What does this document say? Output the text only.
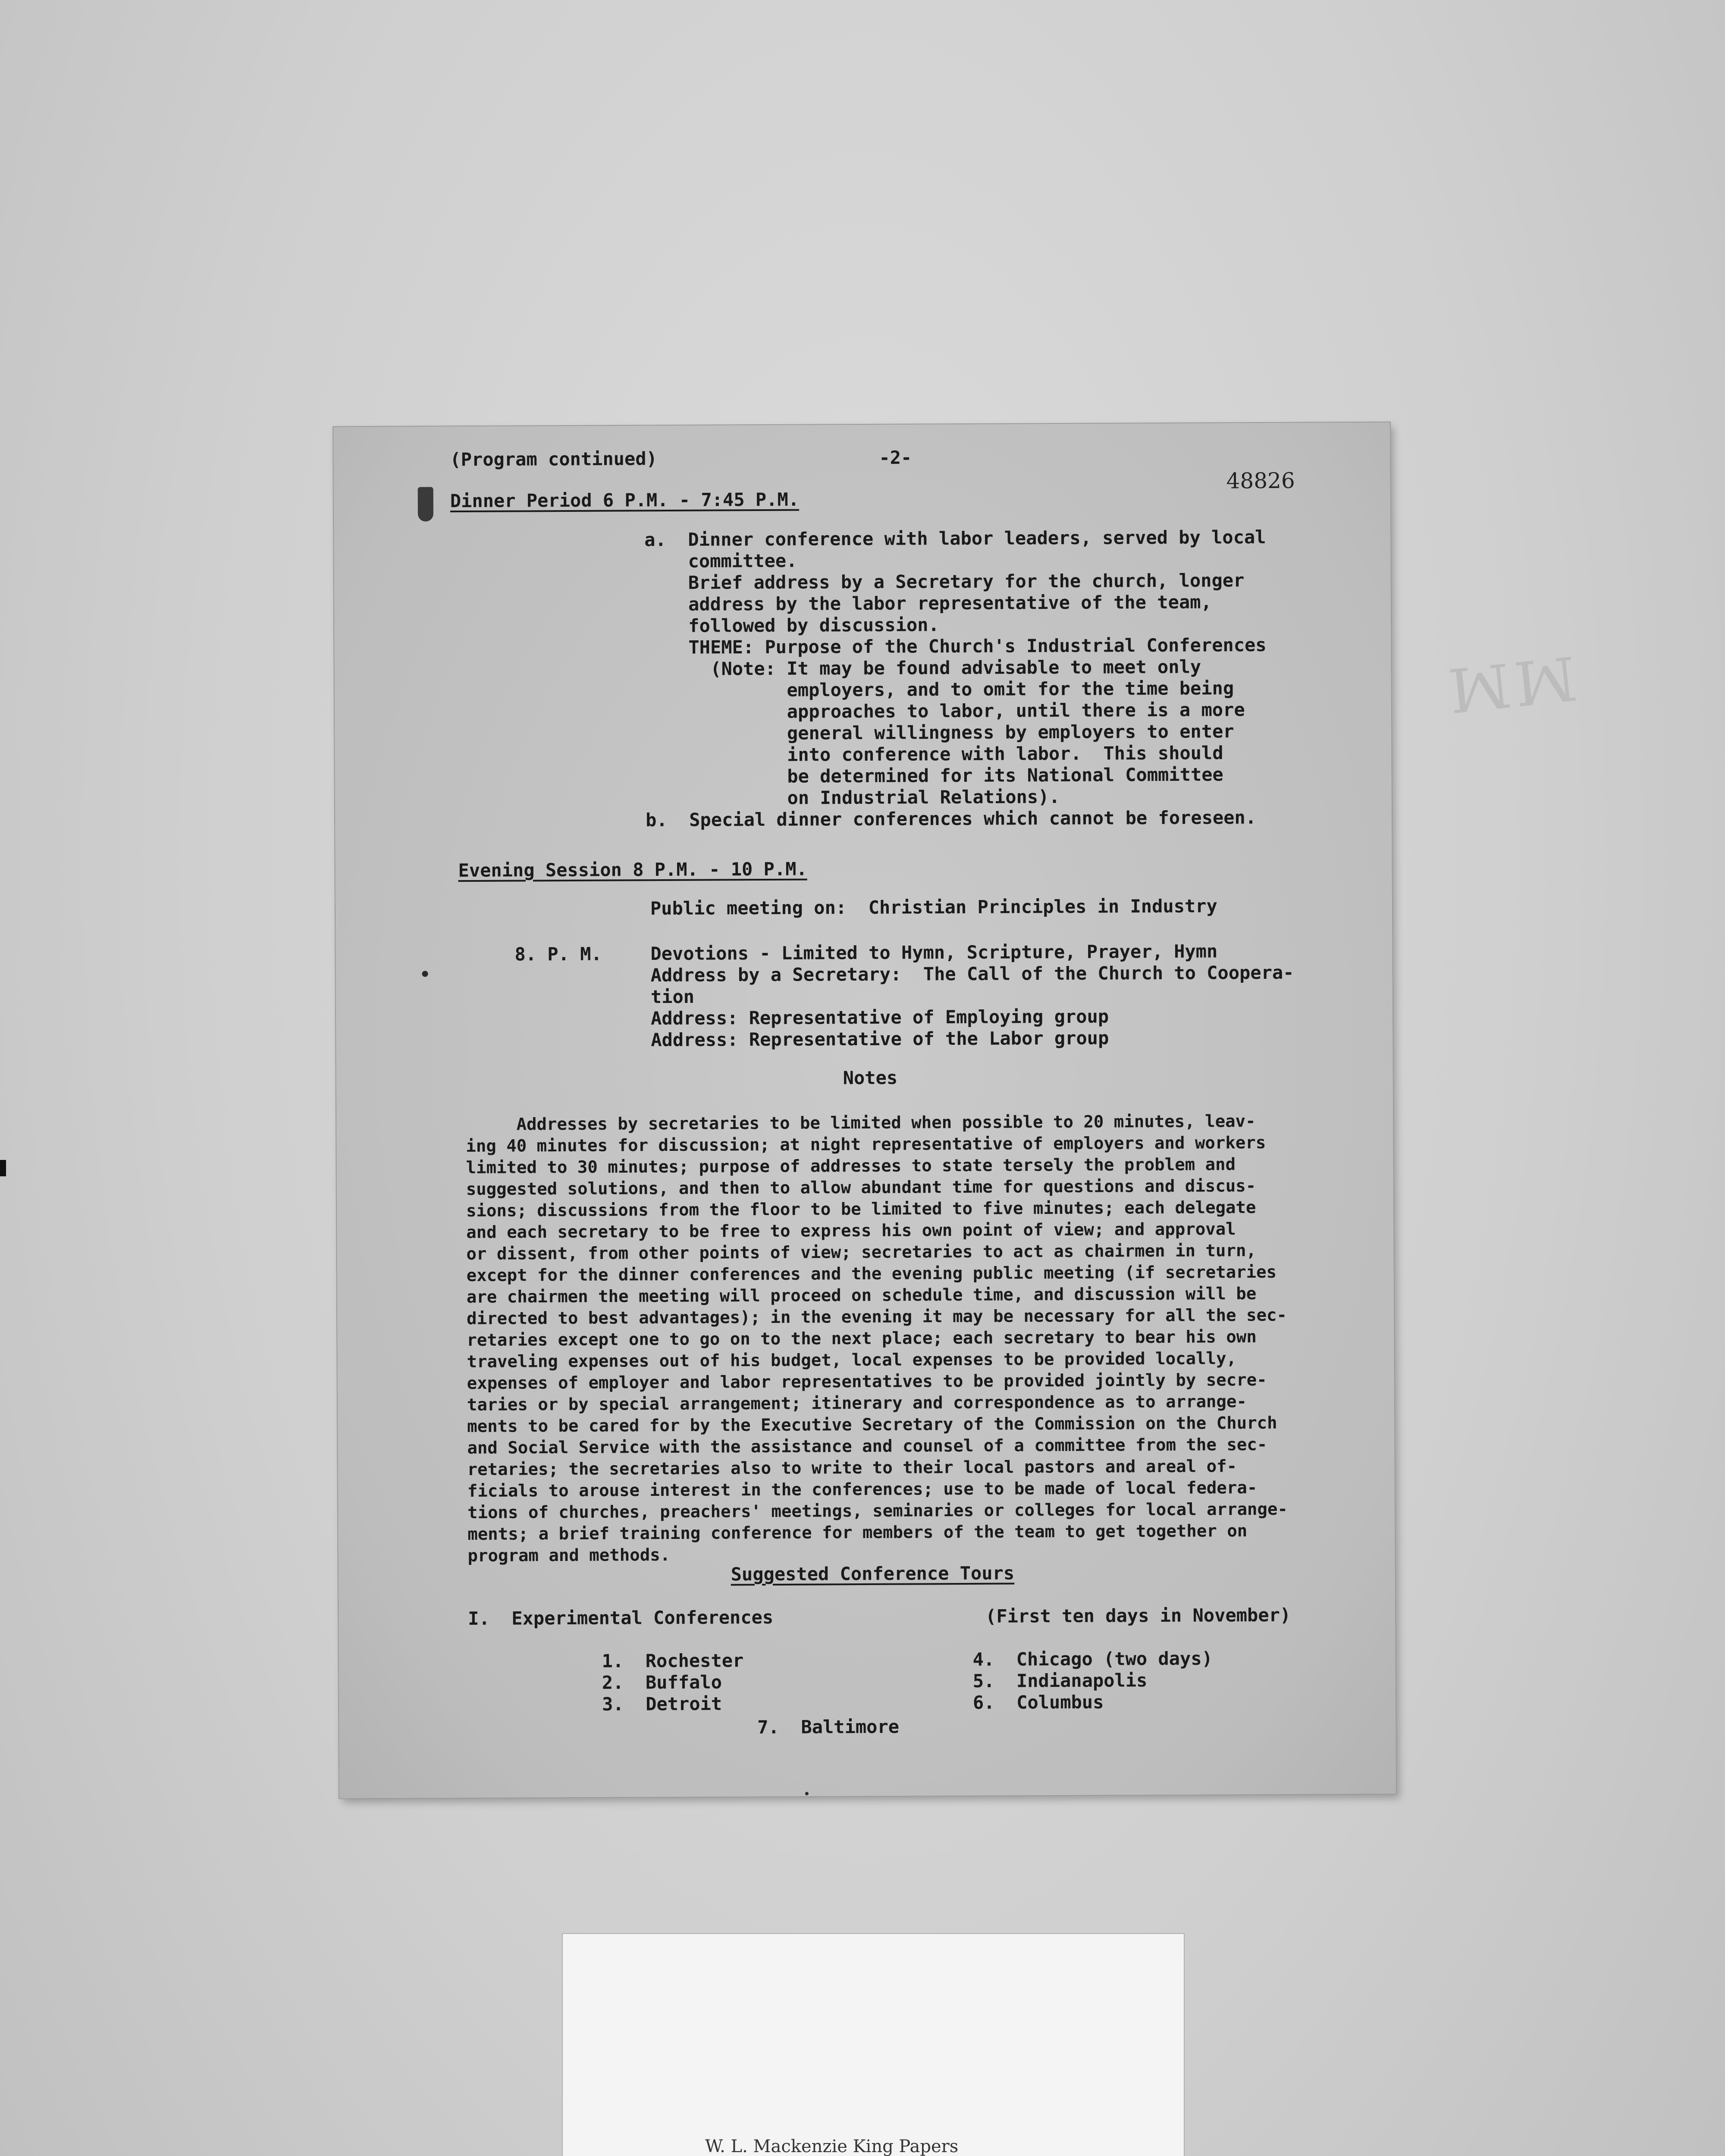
ꟽꟽ
(Program continued)	-2-
48826
Dinner Period 6 P.M. - 7:45 P.M.
a.  Dinner conference with labor leaders, served by local
committee.
Brief address by a Secretary for the church, longer
address by the labor representative of the team,
followed by discussion.
THEME: Purpose of the Church's Industrial Conferences
(Note: It may be found advisable to meet only
employers, and to omit for the time being
approaches to labor, until there is a more
general willingness by employers to enter
into conference with labor.  This should
be determined for its National Committee
on Industrial Relations).
b.  Special dinner conferences which cannot be foreseen.
Evening Session 8 P.M. - 10 P.M.
Public meeting on:  Christian Principles in Industry
8. P. M.	Devotions - Limited to Hymn, Scripture, Prayer, Hymn
Address by a Secretary:  The Call of the Church to Coopera-
tion
Address: Representative of Employing group
Address: Representative of the Labor group
Notes
Addresses by secretaries to be limited when possible to 20 minutes, leav-
ing 40 minutes for discussion; at night representative of employers and workers
limited to 30 minutes; purpose of addresses to state tersely the problem and
suggested solutions, and then to allow abundant time for questions and discus-
sions; discussions from the floor to be limited to five minutes; each delegate
and each secretary to be free to express his own point of view; and approval
or dissent, from other points of view; secretaries to act as chairmen in turn,
except for the dinner conferences and the evening public meeting (if secretaries
are chairmen the meeting will proceed on schedule time, and discussion will be
directed to best advantages); in the evening it may be necessary for all the sec-
retaries except one to go on to the next place; each secretary to bear his own
traveling expenses out of his budget, local expenses to be provided locally,
expenses of employer and labor representatives to be provided jointly by secre-
taries or by special arrangement; itinerary and correspondence as to arrange-
ments to be cared for by the Executive Secretary of the Commission on the Church
and Social Service with the assistance and counsel of a committee from the sec-
retaries; the secretaries also to write to their local pastors and areal of-
ficials to arouse interest in the conferences; use to be made of local federa-
tions of churches, preachers' meetings, seminaries or colleges for local arrange-
ments; a brief training conference for members of the team to get together on
program and methods.
Suggested Conference Tours
I.  Experimental Conferences	(First ten days in November)
1.  Rochester
2.  Buffalo
3.  Detroit
4.  Chicago (two days)
5.  Indianapolis
6.  Columbus
7.  Baltimore
W. L. Mackenzie King Papers
